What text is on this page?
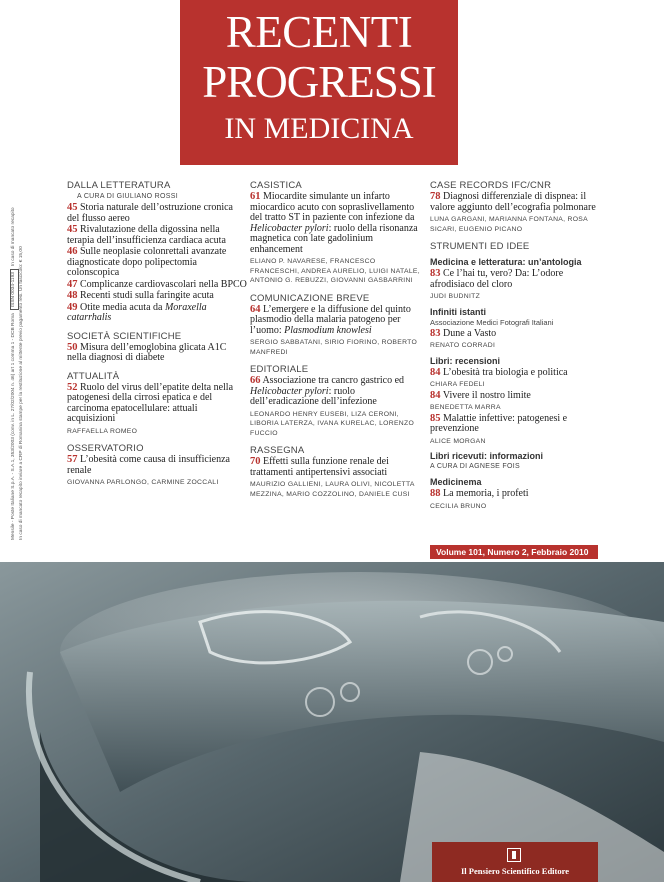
RECENTI
PROGRESSI
IN MEDICINA
Mensile - Poste Italiane S.p.A. - S.A.1, 353/2003 (conv. in L. 27/02/2004 n. 46) art 1 comma 1 - DCB RomaISSN 0034-1193In caso di mancato recapito
In caso di mancato recapito inviare a CRP di Romanina stampe per la restituzione al mittente previo pagamento resi. Un fascicolo: € 15,00
DALLA LETTERATURA
A CURA DI GIULIANO ROSSI
45 Storia naturale dell’ostruzione cronica del flusso aereo
45 Rivalutazione della digossina nella terapia dell’insufficienza cardiaca acuta
46 Sulle neoplasie colonrettali avanzate diagnosticate dopo polipectomia colonscopica
47 Complicanze cardiovascolari nella BPCO
48 Recenti studi sulla faringite acuta
49 Otite media acuta da Moraxella catarrhalis
SOCIETÀ SCIENTIFICHE
50 Misura dell’emoglobina glicata A1C nella diagnosi di diabete
ATTUALITÀ
52 Ruolo del virus dell’epatite delta nella patogenesi della cirrosi epatica e del carcinoma epatocellulare: attuali acquisizioni
RAFFAELLA ROMEO
OSSERVATORIO
57 L’obesità come causa di insufficienza renale
GIOVANNA PARLONGO, CARMINE ZOCCALI
CASISTICA
61 Miocardite simulante un infarto miocardico acuto con sopraslivellamento del tratto ST in paziente con infezione da Helicobacter pylori: ruolo della risonanza magnetica con late gadolinium enhancement
ELIANO P. NAVARESE, FRANCESCO FRANCESCHI, ANDREA AURELIO, LUIGI NATALE, ANTONIO G. REBUZZI, GIOVANNI GASBARRINI
COMUNICAZIONE BREVE
64 L’emergere e la diffusione del quinto plasmodio della malaria patogeno per l’uomo: Plasmodium knowlesi
SERGIO SABBATANI, SIRIO FIORINO, ROBERTO MANFREDI
EDITORIALE
66 Associazione tra cancro gastrico ed Helicobacter pylori: ruolo dell’eradicazione dell’infezione
LEONARDO HENRY EUSEBI, LIZA CERONI, LIBORIA LATERZA, IVANA KURELAC, LORENZO FUCCIO
RASSEGNA
70 Effetti sulla funzione renale dei trattamenti antipertensivi associati
MAURIZIO GALLIENI, LAURA OLIVI, NICOLETTA MEZZINA, MARIO COZZOLINO, DANIELE CUSI
CASE RECORDS IFC/CNR
78 Diagnosi differenziale di dispnea: il valore aggiunto dell’ecografia polmonare
LUNA GARGANI, MARIANNA FONTANA, ROSA SICARI, EUGENIO PICANO
STRUMENTI ED IDEE
Medicina e letteratura: un’antologia
83 Ce l’hai tu, vero? Da: L’odore afrodisiaco del cloro
JUDI BUDNITZ
Infiniti istanti
Associazione Medici Fotografi Italiani
83 Dune a Vasto
RENATO CORRADI
Libri: recensioni
84 L’obesità tra biologia e politica
CHIARA FEDELI
84 Vivere il nostro limite
BENEDETTA MARRA
85 Malattie infettive: patogenesi e prevenzione
ALICE MORGAN
Libri ricevuti: informazioni
A CURA DI AGNESE FOIS
Medicinema
88 La memoria, i profeti
CECILIA BRUNO
Volume 101, Numero 2, Febbraio 2010
Il Pensiero Scientifico Editore
